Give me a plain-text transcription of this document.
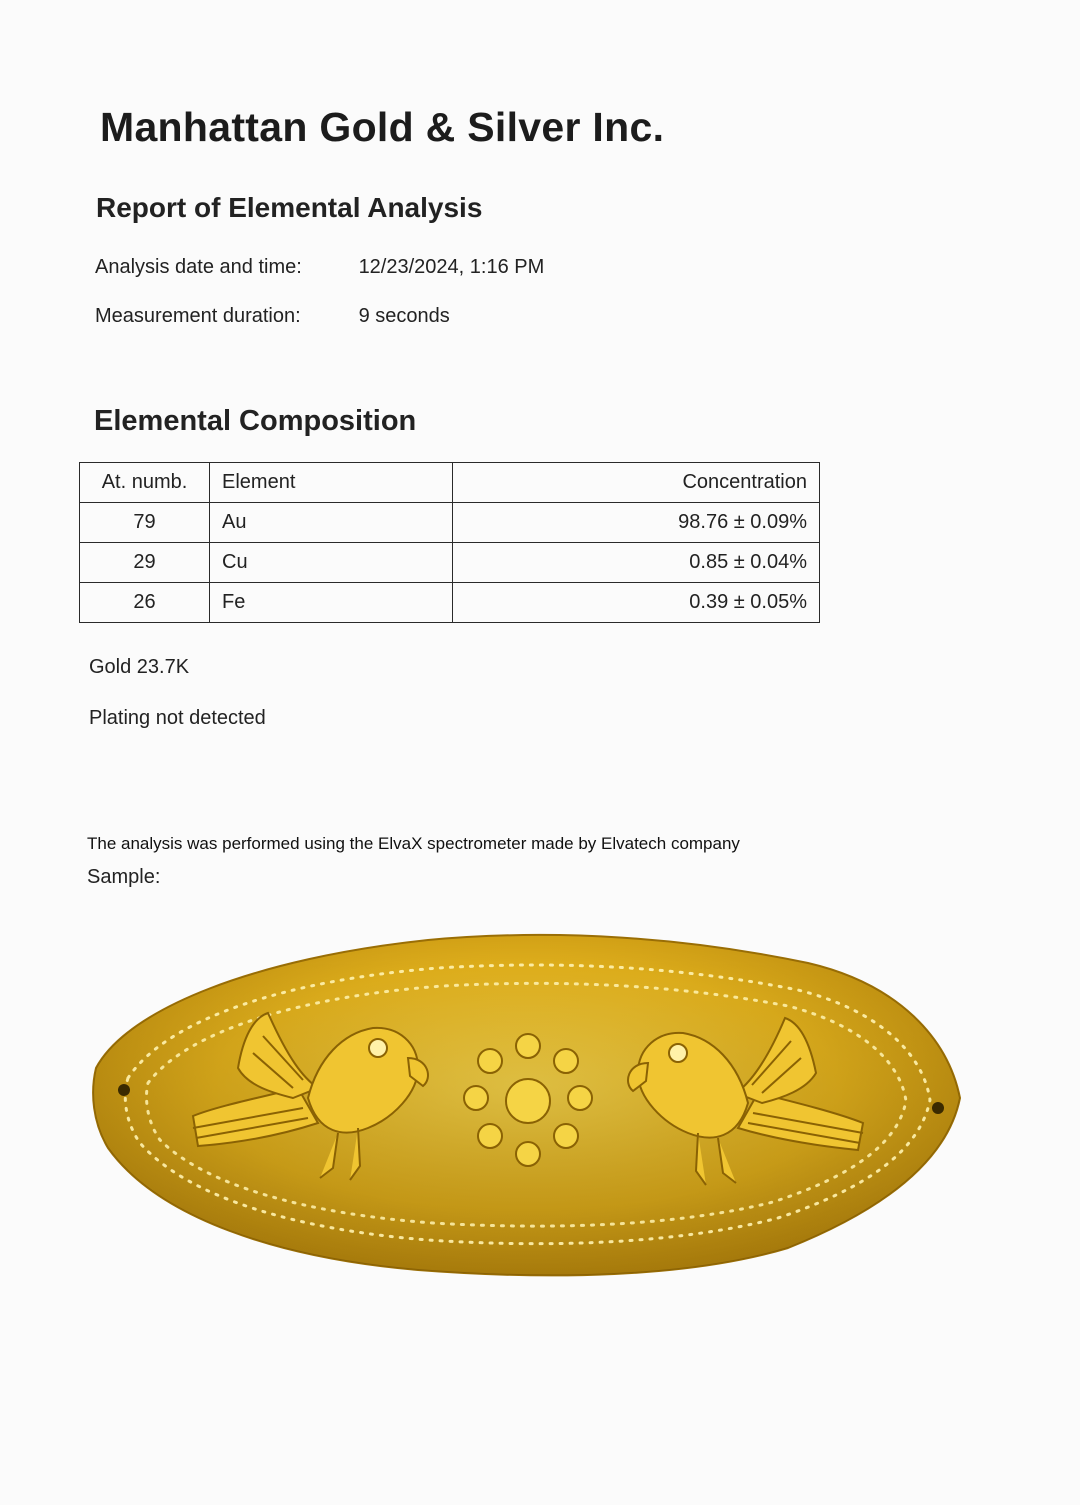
Manhattan Gold & Silver Inc.
Report of Elemental Analysis
Analysis date and time:	12/23/2024, 1:16 PM
Measurement duration:	9 seconds
Elemental Composition
At. numb.	Element	Concentration
79	Au	98.76 ± 0.09%
29	Cu	0.85 ± 0.04%
26	Fe	0.39 ± 0.05%
Gold 23.7K
Plating not detected
The analysis was performed using the ElvaX spectrometer made by Elvatech company
Sample:
